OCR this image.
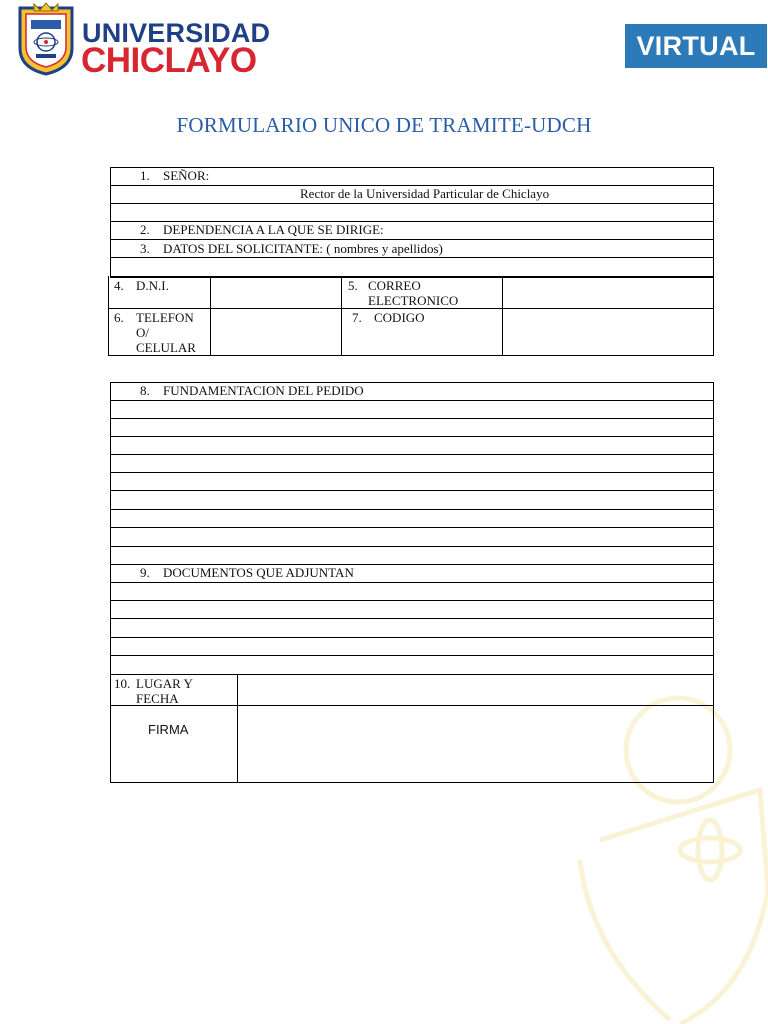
UNIVERSIDAD
CHICLAYO	VIRTUAL
FORMULARIO UNICO DE TRAMITE-UDCH
1. SEÑOR:
Rector de la Universidad Particular de Chiclayo
2. DEPENDENCIA A LA QUE SE DIRIGE:
3. DATOS DEL SOLICITANTE: ( nombres y apellidos)
4. D.N.I.	5. CORREO
ELECTRONICO
6. TELEFON
O/
CELULAR
7. CODIGO
8. FUNDAMENTACION DEL PEDIDO
9. DOCUMENTOS QUE ADJUNTAN
10. LUGAR Y
FECHA
FIRMA
